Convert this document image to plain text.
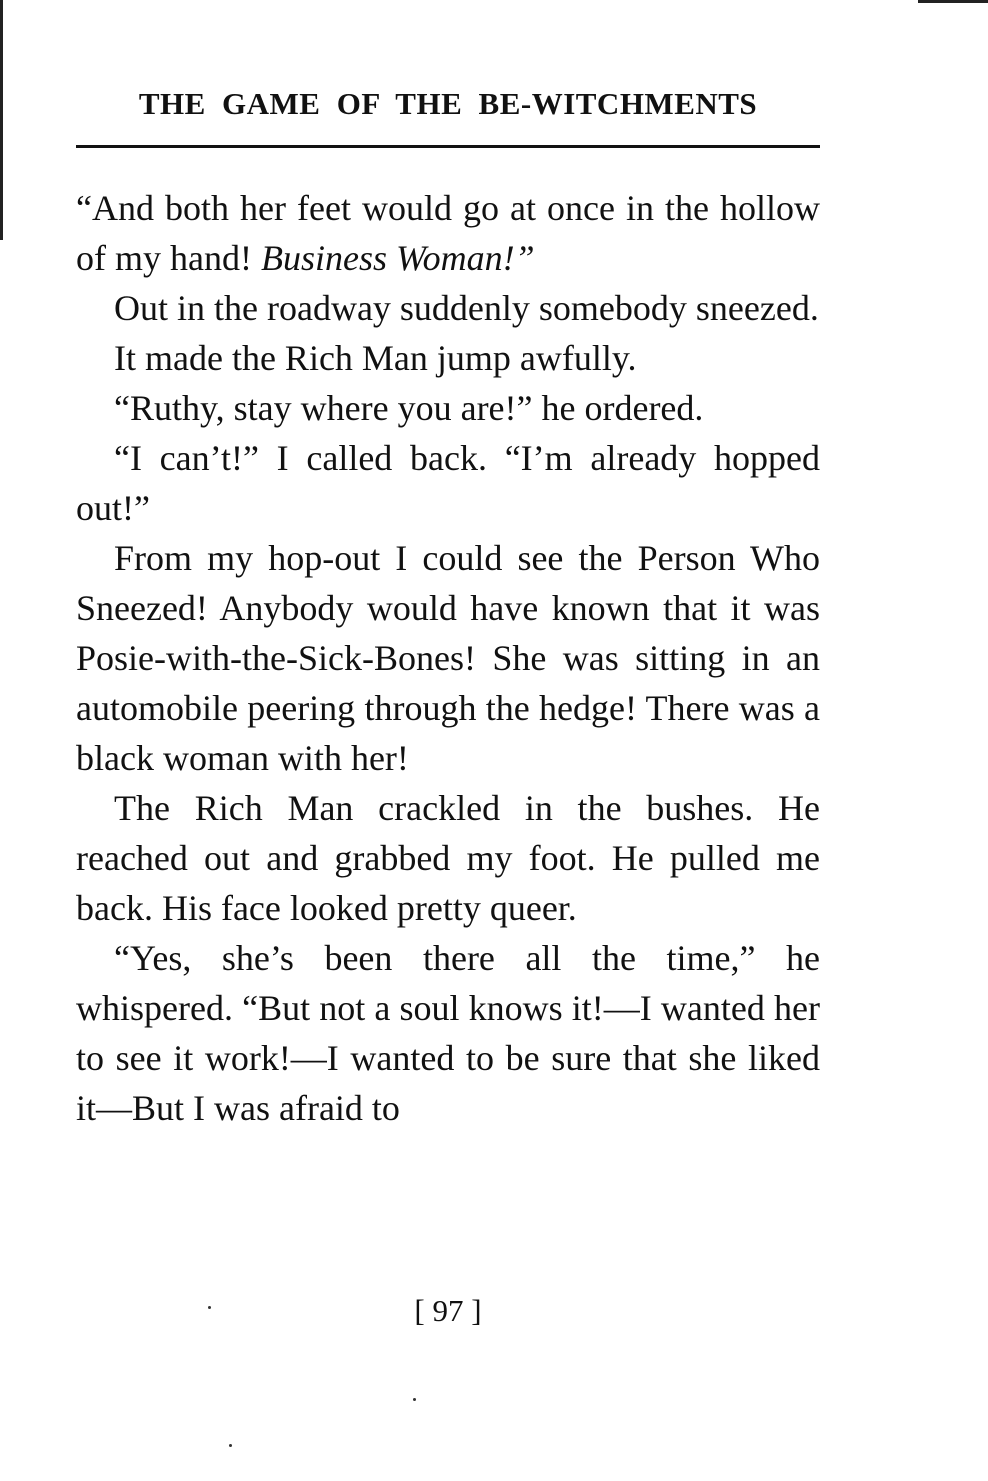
THE GAME OF THE BE-WITCHMENTS

“And both her feet would go at once in the hollow of my hand! Business Woman!”

Out in the roadway suddenly somebody sneezed.

It made the Rich Man jump awfully.

“Ruthy, stay where you are!” he ordered.

“I can’t!” I called back. “I’m already hopped out!”

From my hop-out I could see the Person Who Sneezed! Anybody would have known that it was Posie-with-the-Sick-Bones! She was sitting in an automobile peering through the hedge! There was a black woman with her!

The Rich Man crackled in the bushes. He reached out and grabbed my foot. He pulled me back. His face looked pretty queer.

“Yes, she’s been there all the time,” he whispered. “But not a soul knows it!—I wanted her to see it work!—I wanted to be sure that she liked it—But I was afraid to

[ 97 ]
